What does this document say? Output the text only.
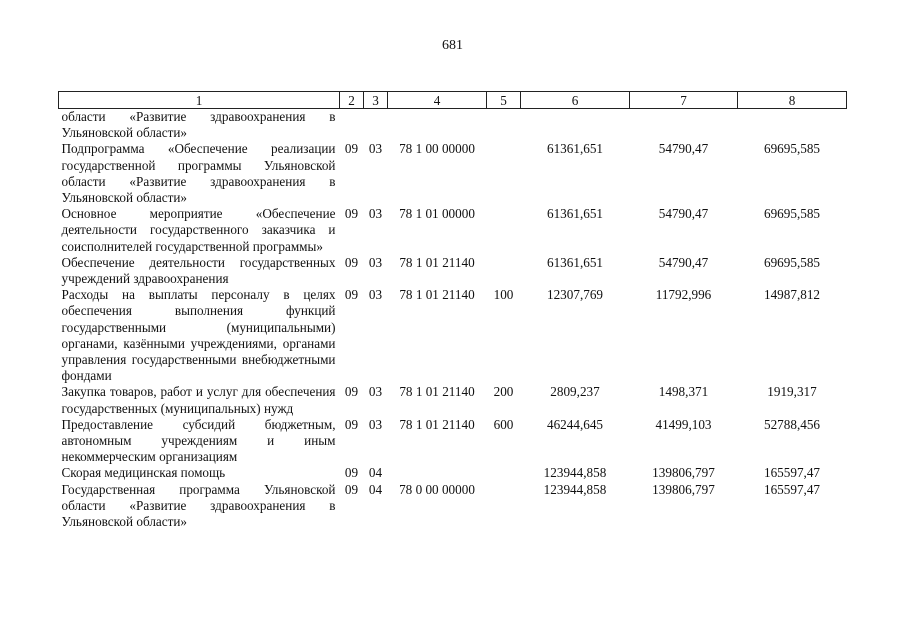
681
1	2	3	4	5	6	7	8
области «Развитие здравоохранения в Ульяновской области»							
Подпрограмма «Обеспечение реализации государственной программы Ульяновской области «Развитие здравоохранения в Ульяновской области»	09	03	78 1 00 00000		61361,651	54790,47	69695,585
Основное мероприятие «Обеспечение деятельности государственного заказчика и соисполнителей государственной программы»	09	03	78 1 01 00000		61361,651	54790,47	69695,585
Обеспечение деятельности государственных учреждений здравоохранения	09	03	78 1 01 21140		61361,651	54790,47	69695,585
Расходы на выплаты персоналу в целях обеспечения выполнения функций государственными (муниципальными) органами, казёнными учреждениями, органами управления государственными внебюджетными фондами	09	03	78 1 01 21140	100	12307,769	11792,996	14987,812
Закупка товаров, работ и услуг для обеспечения государственных (муниципальных) нужд	09	03	78 1 01 21140	200	2809,237	1498,371	1919,317
Предоставление субсидий бюджетным, автономным учреждениям и иным некоммерческим организациям	09	03	78 1 01 21140	600	46244,645	41499,103	52788,456
Скорая медицинская помощь	09	04			123944,858	139806,797	165597,47
Государственная программа Ульяновской области «Развитие здравоохранения в Ульяновской области»	09	04	78 0 00 00000		123944,858	139806,797	165597,47
